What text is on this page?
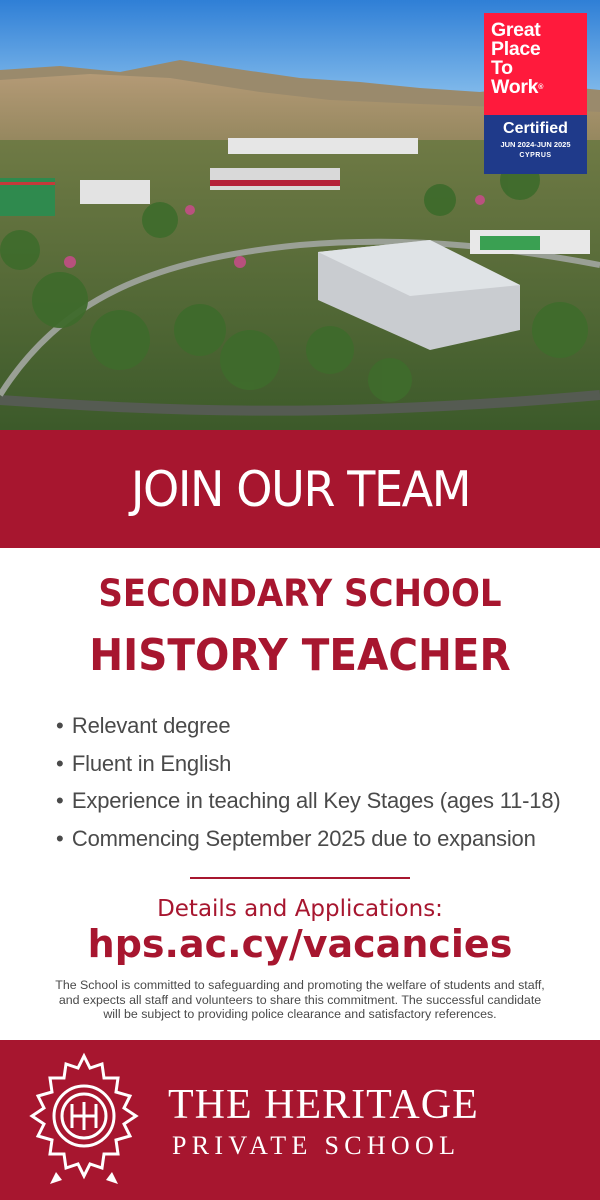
Great
Place
To
Work®
Certified
JUN 2024-JUN 2025
CYPRUS
JOIN OUR TEAM
SECONDARY SCHOOL
HISTORY TEACHER
• Relevant degree
• Fluent in English
• Experience in teaching all Key Stages (ages 11-18)
• Commencing September 2025 due to expansion
Details and Applications:
hps.ac.cy/vacancies
The School is committed to safeguarding and promoting the welfare of students and staff,
and expects all staff and volunteers to share this commitment. The successful candidate
will be subject to providing police clearance and satisfactory references.
THE HERITAGE
PRIVATE SCHOOL
